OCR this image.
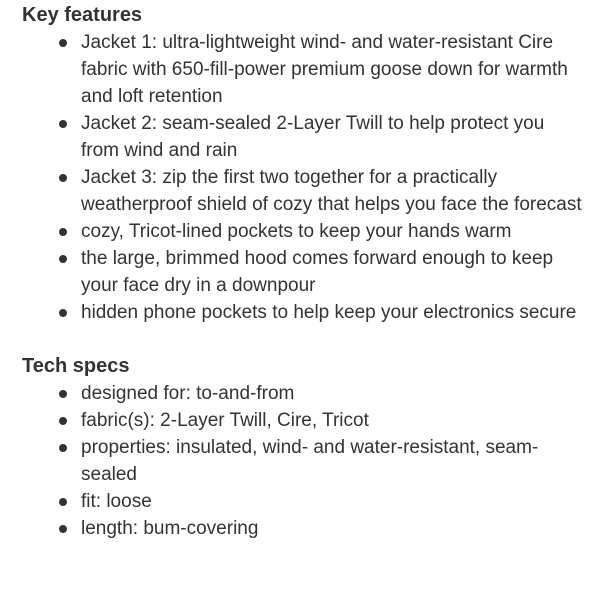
Key features
Jacket 1: ultra-lightweight wind- and water-resistant Cire fabric with 650-fill-power premium goose down for warmth and loft retention
Jacket 2: seam-sealed 2-Layer Twill to help protect you from wind and rain
Jacket 3: zip the first two together for a practically weatherproof shield of cozy that helps you face the forecast
cozy, Tricot-lined pockets to keep your hands warm
the large, brimmed hood comes forward enough to keep your face dry in a downpour
hidden phone pockets to help keep your electronics secure
Tech specs
designed for: to-and-from
fabric(s): 2-Layer Twill, Cire, Tricot
properties: insulated, wind- and water-resistant, seam-sealed
fit: loose
length: bum-covering
